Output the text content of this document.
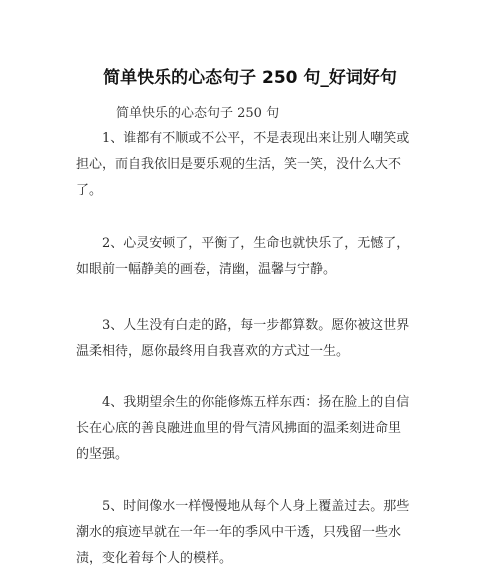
简单快乐的心态句子 250 句_好词好句
简单快乐的心态句子 250 句
1、谁都有不顺或不公平，不是表现出来让别人嘲笑或
担心，而自我依旧是要乐观的生活，笑一笑，没什么大不
了。
2、心灵安顿了，平衡了，生命也就快乐了，无憾了，
如眼前一幅静美的画卷，清幽，温馨与宁静。
3、人生没有白走的路，每一步都算数。愿你被这世界
温柔相待，愿你最终用自我喜欢的方式过一生。
4、我期望余生的你能修炼五样东西：扬在脸上的自信
长在心底的善良融进血里的骨气清风拂面的温柔刻进命里
的坚强。
5、时间像水一样慢慢地从每个人身上覆盖过去。那些
潮水的痕迹早就在一年一年的季风中干透，只残留一些水
渍，变化着每个人的模样。
